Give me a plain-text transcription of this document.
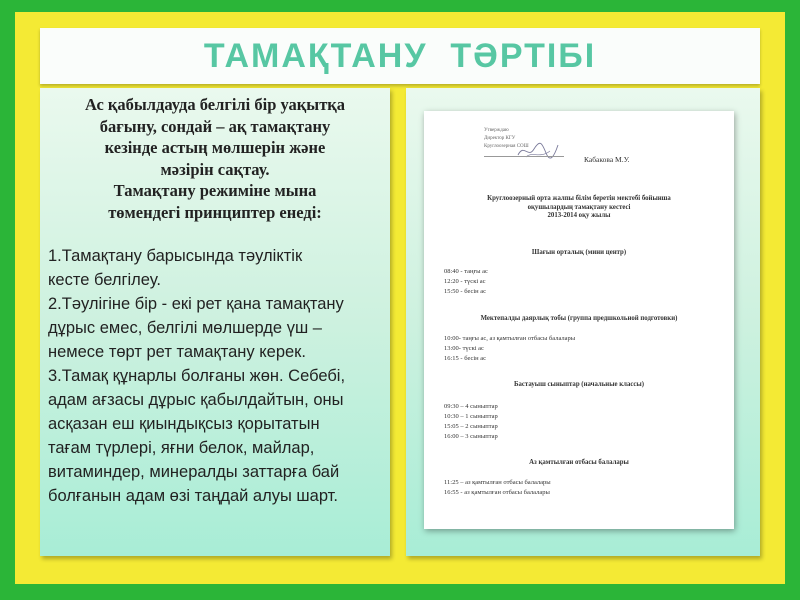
ТАМАҚТАНУ  ТӘРТІБІ
Ас қабылдауда белгілі бір уақытқа
бағыну, сондай – ақ тамақтану
кезінде астың мөлшерін және
мәзірін сақтау.
Тамақтану режиміне мына
төмендегі принциптер енеді:
1.Тамақтану барысында тәуліктік
кесте белгілеу.
2.Тәулігіне бір - екі рет қана тамақтану
дұрыс емес, белгілі мөлшерде үш –
немесе төрт рет тамақтану керек.
3.Тамақ құнарлы болғаны жөн. Себебі,
адам ағзасы дұрыс қабылдайтын, оны
асқазан еш қиындықсыз қорытатын
тағам түрлері, яғни белок, майлар,
витаминдер, минералды заттарға бай
болғанын адам өзі таңдай алуы шарт.
Утверждаю
Директор КГУ
Круглоозерная СОШ
Кабакова М.У.
Круглоозерный орта жалпы білім беретін мектебі бойынша
оқушылардың тамақтану кестесі
2013-2014 оқу жылы
Шағын орталық (мини центр)
08:40 - таңғы ас
12:20 - түскі ас
15:50 - бесін ас
Мектепалды даярлық тобы (группа предшкольной подготовки)
10:00- таңғы ас, аз қамтылған отбасы балалары
13:00- түскі ас
16:15 - бесін ас
Бастауыш сыныптар (начальные классы)
09:30 – 4 сыныптар
10:30 – 1 сыныптар
15:05 – 2 сыныптар
16:00 – 3 сыныптар
Аз қамтылған отбасы балалары
11:25 – аз қамтылған отбасы балалары
16:55 - аз қамтылған отбасы балалары
